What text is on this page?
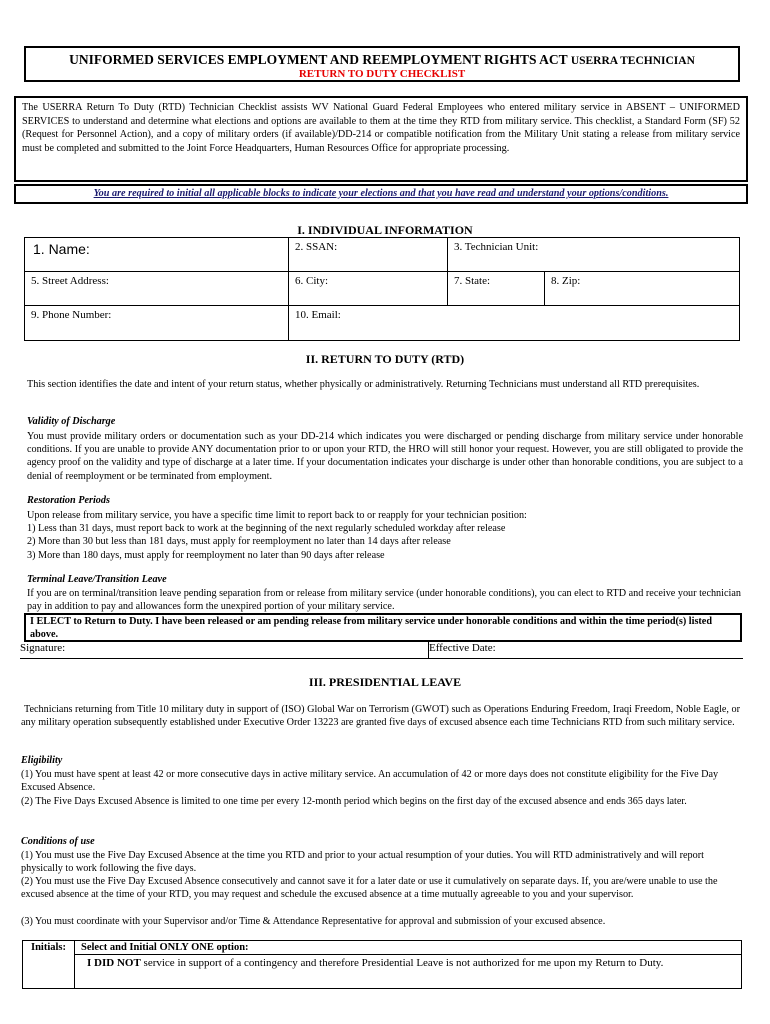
UNIFORMED SERVICES EMPLOYMENT AND REEMPLOYMENT RIGHTS ACT USERRA TECHNICIAN
RETURN TO DUTY CHECKLIST
The USERRA Return To Duty (RTD) Technician Checklist assists WV National Guard Federal Employees who entered military service in ABSENT – UNIFORMED SERVICES to understand and determine what elections and options are available to them at the time they RTD from military service. This checklist, a Standard Form (SF) 52 (Request for Personnel Action), and a copy of military orders (if available)/DD-214 or compatible notification from the Military Unit stating a release from military service must be completed and submitted to the Joint Force Headquarters, Human Resources Office for appropriate processing.
You are required to initial all applicable blocks to indicate your elections and that you have read and understand your options/conditions.
I. INDIVIDUAL INFORMATION
1. Name:	2. SSAN:	3. Technician Unit:
5. Street Address:	6. City:	7. State:	8. Zip:
9. Phone Number:	10. Email:
II. RETURN TO DUTY (RTD)
This section identifies the date and intent of your return status, whether physically or administratively. Returning Technicians must understand all RTD prerequisites.
Validity of Discharge
You must provide military orders or documentation such as your DD-214 which indicates you were discharged or pending discharge from military service under honorable conditions. If you are unable to provide ANY documentation prior to or upon your RTD, the HRO will still honor your request. However, you are still obligated to provide the agency proof on the validity and type of discharge at a later time. If your documentation indicates your discharge is under other than honorable conditions, you are subject to a denial of reemployment or be terminated from employment.
Restoration Periods
Upon release from military service, you have a specific time limit to report back to or reapply for your technician position:
1) Less than 31 days, must report back to work at the beginning of the next regularly scheduled workday after release
2) More than 30 but less than 181 days, must apply for reemployment no later than 14 days after release
3) More than 180 days, must apply for reemployment no later than 90 days after release
Terminal Leave/Transition Leave
If you are on terminal/transition leave pending separation from or release from military service (under honorable conditions), you can elect to RTD and receive your technician pay in addition to pay and allowances form the unexpired portion of your military service.
I ELECT to Return to Duty. I have been released or am pending release from military service under honorable conditions and within the time period(s) listed above.
Signature:	Effective Date:
III. PRESIDENTIAL LEAVE
Technicians returning from Title 10 military duty in support of (ISO) Global War on Terrorism (GWOT) such as Operations Enduring Freedom, Iraqi Freedom, Noble Eagle, or any military operation subsequently established under Executive Order 13223 are granted five days of excused absence each time Technicians RTD from such military service.
Eligibility
(1) You must have spent at least 42 or more consecutive days in active military service. An accumulation of 42 or more days does not constitute eligibility for the Five Day Excused Absence.
(2) The Five Days Excused Absence is limited to one time per every 12-month period which begins on the first day of the excused absence and ends 365 days later.
Conditions of use
(1) You must use the Five Day Excused Absence at the time you RTD and prior to your actual resumption of your duties. You will RTD administratively and will report physically to work following the five days.
(2) You must use the Five Day Excused Absence consecutively and cannot save it for a later date or use it cumulatively on separate days. If, you are/were unable to use the excused absence at the time of your RTD, you may request and schedule the excused absence at a time mutually agreeable to you and your supervisor.
(3) You must coordinate with your Supervisor and/or Time & Attendance Representative for approval and submission of your excused absence.
Initials:	Select and Initial ONLY ONE option:
I DID NOT service in support of a contingency and therefore Presidential Leave is not authorized for me upon my Return to Duty.
